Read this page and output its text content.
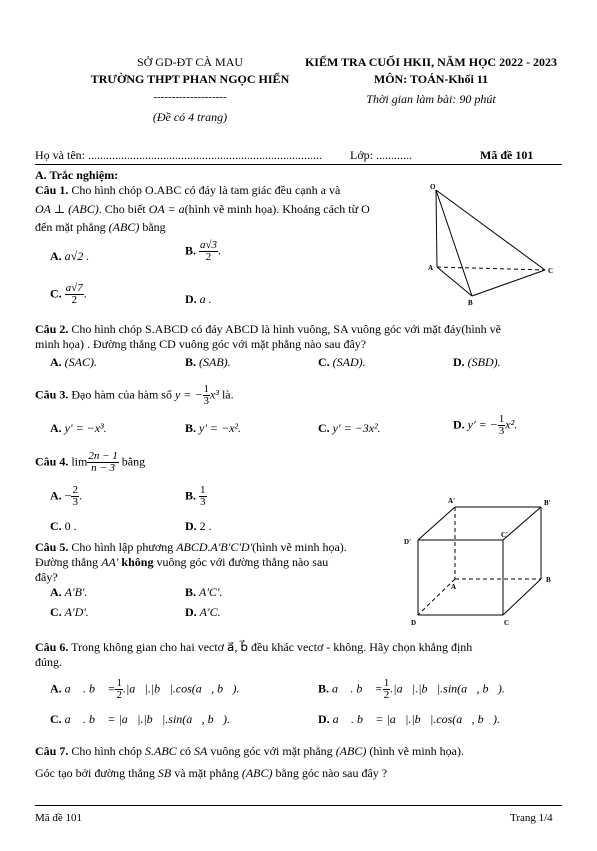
SỞ GD-ĐT CÀ MAU
TRƯỜNG THPT PHAN NGỌC HIỂN
--------------------
(Đề có 4 trang)
KIỂM TRA CUỐI HKII, NĂM HỌC 2022 - 2023
MÔN: TOÁN-Khối 11
Thời gian làm bài: 90 phút
Họ và tên: .............................................................................. Lớp: ............	Mã đề 101
A. Trắc nghiệm:
Câu 1. Cho hình chóp O.ABC có đáy là tam giác đều cạnh a và
OA ⊥ (ABC). Cho biết OA = a(hình vẽ minh họa). Khoảng cách từ O
đến mặt phẳng (ABC) bằng
A. a√2 .	B. $\frac{a√3}{2}$ .
C. $\frac{a√7}{2}$ .	D. a .
O
A
B
C
Câu 2. Cho hình chóp S.ABCD có đáy ABCD là hình vuông, SA vuông góc với mặt đáy(hình vẽ
minh họa) . Đường thẳng CD vuông góc với mặt phẳng nào sau đây?
A. (SAC).	B. (SAB).	C. (SAD).	D. (SBD).
Câu 3. Đạo hàm của hàm số y = − $\frac{1}{3} x^3$ là.
A. y' = −x³.	B. y' = −x².	C. y' = −3x².	D. y' = − $\frac{1}{3} x^2$.
Câu 4. $\lim \frac{2n - 1}{n - 3}$ bằng
A. − $\frac{2}{3}$ .	B. $\frac{1}{3}$
C. 0 .	D. 2 .
Câu 5. Cho hình lập phương ABCD.A'B'C'D'(hình vẽ minh họa).
Đường thẳng AA' không vuông góc với đường thẳng nào sau
đây?
A. A'B'.	B. A'C'.
C. A'D'.	D. A'C.
A'	B'
C'
D'
A
B
C
D
Câu 6. Trong không gian cho hai vectơ a⃗, b⃗ đều khác vectơ - không. Hãy chọn khẳng định
đúng.
A. a⃗ . b⃗ = $\frac{1}{2}$ .|a⃗|.|b⃗|.cos(a⃗, b⃗).	B. a⃗ . b⃗ = $\frac{1}{2}$ .|a⃗|.|b⃗|.sin(a⃗, b⃗).
C. a⃗ . b⃗ = |a⃗|.|b⃗|.sin(a⃗, b⃗).	D. a⃗ . b⃗ = |a⃗|.|b⃗|.cos(a⃗, b⃗).
Câu 7. Cho hình chóp S.ABC có SA vuông góc với mặt phẳng (ABC) (hình vẽ minh họa).
Góc tạo bởi đường thẳng SB và mặt phẳng (ABC) bằng góc nào sau đây ?
Mã đề 101	Trang 1/4
